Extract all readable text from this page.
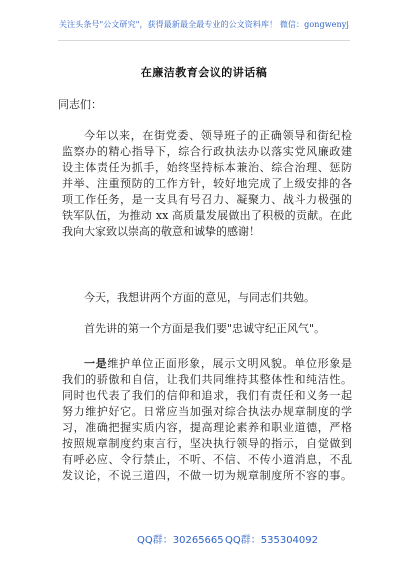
关注头条号"公文研究"，获得最新最全最专业的公文资料库！ 微信：gongwenyj
在廉洁教育会议的讲话稿
同志们：
今年以来，在街党委、领导班子的正确领导和街纪检
监察办的精心指导下，综合行政执法办以落实党风廉政建
设主体责任为抓手，始终坚持标本兼治、综合治理、惩防
并举、注重预防的工作方针，较好地完成了上级安排的各
项工作任务，是一支具有号召力、凝聚力、战斗力极强的
铁军队伍，为推动 xx 高质量发展做出了积极的贡献。在此
我向大家致以崇高的敬意和诚挚的感谢！
今天，我想讲两个方面的意见，与同志们共勉。
首先讲的第一个方面是我们要"忠诚守纪正风气"。
一是维护单位正面形象，展示文明风貌。单位形象是
我们的骄傲和自信，让我们共同维持其整体性和纯洁性。
同时也代表了我们的信仰和追求，我们有责任和义务一起
努力维护好它。日常应当加强对综合执法办规章制度的学
习，准确把握实质内容，提高理论素养和职业道德，严格
按照规章制度约束言行，坚决执行领导的指示，自觉做到
有呼必应、令行禁止，不听、不信、不传小道消息，不乱
发议论，不说三道四，不做一切为规章制度所不容的事。
QQ群：30265665 QQ群：535304092
